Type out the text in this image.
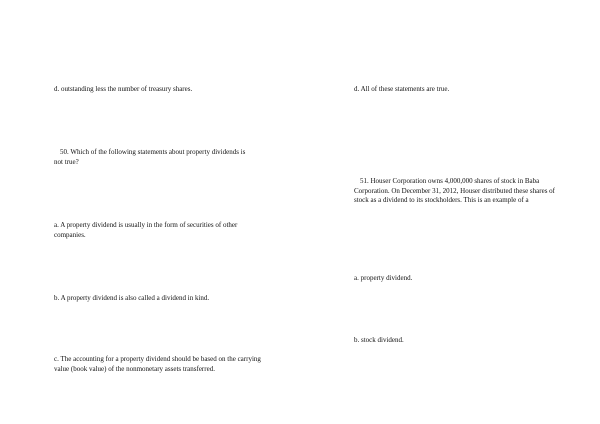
d. outstanding less the number of treasury shares.
50. Which of the following statements about property dividends is not true?
a. A property dividend is usually in the form of securities of other companies.
b. A property dividend is also called a dividend in kind.
c. The accounting for a property dividend should be based on the carrying value (book value) of the nonmonetary assets transferred.
d. All of these statements are true.
51. Houser Corporation owns 4,000,000 shares of stock in Baba Corporation. On December 31, 2012, Houser distributed these shares of stock as a dividend to its stockholders. This is an example of a
a. property dividend.
b. stock dividend.
